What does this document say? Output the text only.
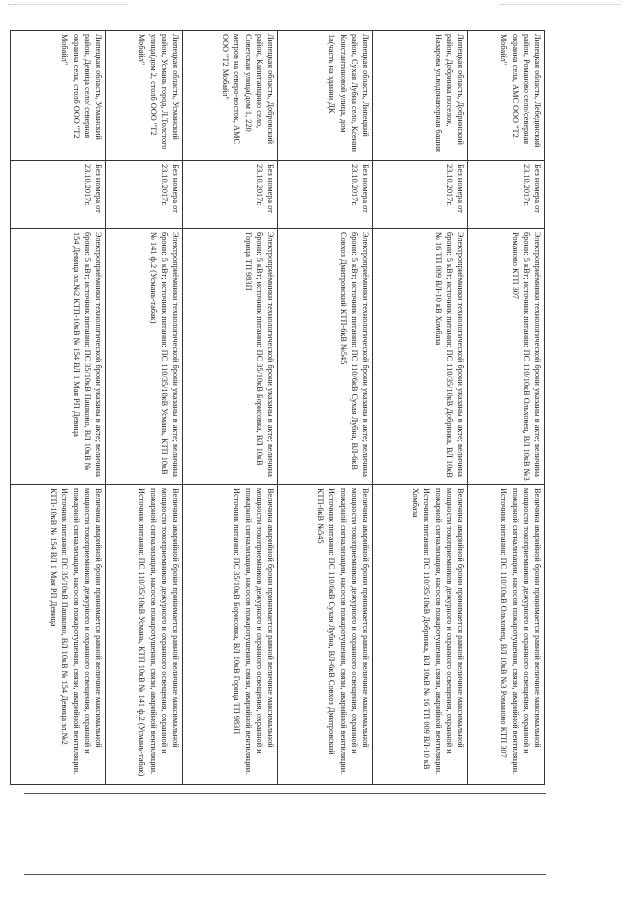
Липецкая область, Лебедянский район, Романово село/северная окраина села, АМС ООО "Т2 Мобайл"	Без номера от 23.10.2017г.	Электроприёмники технологической брони указаны в акте; величина брони: 5 кВт; источник питания: ПС 110/10кВ Ольховец, ВЛ 10кВ №3 Романово КТП 307	Величина аварийной брони принимается равной величине максимальной мощности токоприемников дежурного и охранного освещения, охранной и пожарной сигнализации, насосов пожаротушения, связи, аварийной вентиляции. Источник питания: ПС 110/10кВ Ольховец, ВЛ 10кВ №3 Романово КТП 307
Липецкая область, Добринский район, Добринка поселок, Назарова ул.водонапорная башня	Без номера от 23.10.2017г.	Электроприёмники технологической брони указаны в акте; величина брони: 5 кВт; источник питания: ПС 110/35/10кВ Добринка, ВЛ 10кВ № 16 ТП 009 ВЛ-10 кВ Хомбаза	Величина аварийной брони принимается равной величине максимальной мощности токоприемников дежурного и охранного освещения, охранной и пожарной сигнализации, насосов пожаротушения, связи, аварийной вентиляции. Источник питания: ПС 110/35/10кВ Добринка, ВЛ 10кВ № 16 ТП 009 ВЛ-10 кВ Хомбаза
Липецкая область, Липецкий район, Сухая Лубна село, Ксении Константиновой улица, дом 1а(часть на здании ДК	Без номера от 23.10.2017г.	Электроприёмники технологической брони указаны в акте; величина брони: 5 кВт; источник питания: ПС 110/6кВ Сухая Лубна, ВЛ-6кВ Совхоз Дмитровский КТП-6кВ №545	Величина аварийной брони принимается равной величине максимальной мощности токоприемников дежурного и охранного освещения, охранной и пожарной сигнализации, насосов пожаротушения, связи, аварийной вентиляции. Источник питания: ПС 110/6кВ Сухая Лубна, ВЛ-6кВ Совхоз Дмитровский КТП-6кВ №545
Липецкая область, Добровский район, Капитанщино село, Советская улица(дом 1, 220 метров на северо-восток, АМС ООО "Т2 Мобайл"	Без номера от 23.10.2017г.	Электроприёмники технологической брони указаны в акте; величина брони: 5 кВт; источник питания: ПС 35/10кВ Борисовка, ВЛ 10кВ Горица ТП 983П	Величина аварийной брони принимается равной величине максимальной мощности токоприемников дежурного и охранного освещения, охранной и пожарной сигнализации, насосов пожаротушения, связи, аварийной вентиляции. Источник питания: ПС 35/10кВ Борисовка, ВЛ 10кВ Горица ТП 983П
Липецкая область, Усманский район, Усмань город, Л.Толстого улица(дом 2, столб ООО "Т2 Мобайл"	Без номера от 23.10.2017г.	Электроприёмники технологической брони указаны в акте; величина брони: 5 кВт; источник питания: ПС 110/35/10кВ Усмань, КТП 10кВ № 141 ф.2 (Усмань-табак)	Величина аварийной брони принимается равной величине максимальной мощности токоприемников дежурного и охранного освещения, охранной и пожарной сигнализации, насосов пожаротушения, связи, аварийной вентиляции. Источник питания: ПС 110/35/10кВ Усмань, КТП 10кВ № 141 ф.2 (Усмань-табак)
Липецкая область, Усманский район, Девица село/ северная окраина села, столб ООО "Т2 Мобайл"	Без номера от 23.10.2017г.	Электроприёмники технологической брони указаны в акте; величина брони: 5 кВт; источник питания: ПС 35/10кВ Пашково, ВЛ 10кВ № 154 Девица эл.№2 КТП-10кВ № 154 ВЛ 1 Мая РП Девица	Величина аварийной брони принимается равной величине максимальной мощности токоприемников дежурного и охранного освещения, охранной и пожарной сигнализации, насосов пожаротушения, связи, аварийной вентиляции. Источник питания: ПС 35/10кВ Пашково, ВЛ 10кВ № 154 Девица эл.№2 КТП-10кВ № 154 ВЛ 1 Мая РП Девица
